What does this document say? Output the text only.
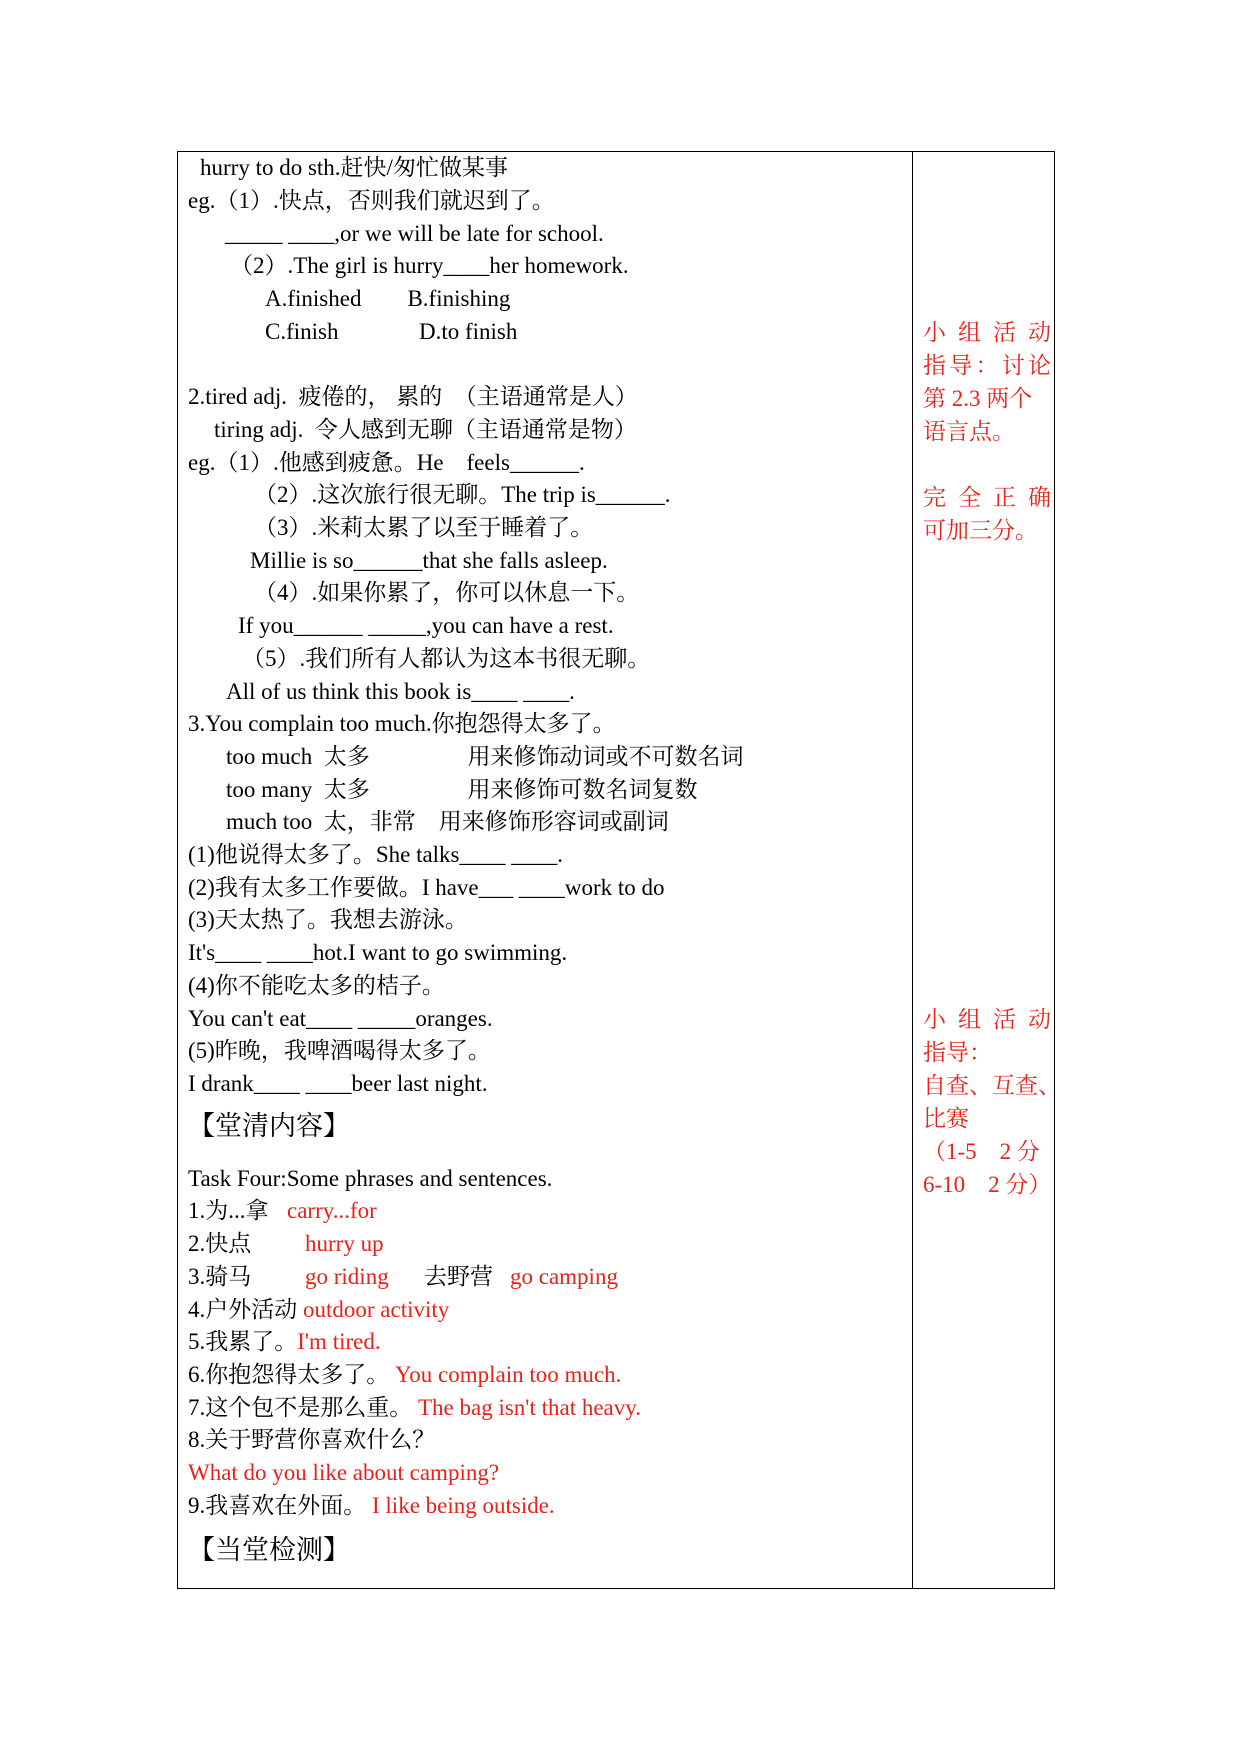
hurry to do sth.赶快/匆忙做某事
eg.（1）.快点，否则我们就迟到了。
_____ ____,or we will be late for school.
（2）.The girl is hurry____her homework.
A.finished        B.finishing
C.finish              D.to finish
2.tired adj.  疲倦的， 累的  （主语通常是人）
tiring adj.  令人感到无聊（主语通常是物）
eg.（1）.他感到疲惫。He    feels______.
（2）.这次旅行很无聊。The trip is______.
（3）.米莉太累了以至于睡着了。
Millie is so______that she falls asleep.
（4）.如果你累了，你可以休息一下。
If you______ _____,you can have a rest.
（5）.我们所有人都认为这本书很无聊。
All of us think this book is____ ____.
3.You complain too much.你抱怨得太多了。
too much  太多                 用来修饰动词或不可数名词
too many  太多                 用来修饰可数名词复数
much too  太，非常    用来修饰形容词或副词
(1)他说得太多了。She talks____ ____.
(2)我有太多工作要做。I have___ ____work to do
(3)天太热了。我想去游泳。
It's____ ____hot.I want to go swimming.
(4)你不能吃太多的桔子。
You can't eat____ _____oranges.
(5)昨晚，我啤酒喝得太多了。
I drank____ ____beer last night.
【堂清内容】
Task Four:Some phrases and sentences.
1.为...拿 carry...for
2.快点 hurry up
3.骑马 go riding 去野营 go camping
4.户外活动 outdoor activity
5.我累了。I'm tired.
6.你抱怨得太多了。 You complain too much.
7.这个包不是那么重。 The bag isn't that heavy.
8.关于野营你喜欢什么？
What do you like about camping?
9.我喜欢在外面。 I like being outside.
【当堂检测】
小组活动
指导：讨论
第 2.3 两个
语言点。
完全正确
可加三分。
小组活动
指导：
自查、互查、
比赛
（1-5    2 分
6-10    2 分）
